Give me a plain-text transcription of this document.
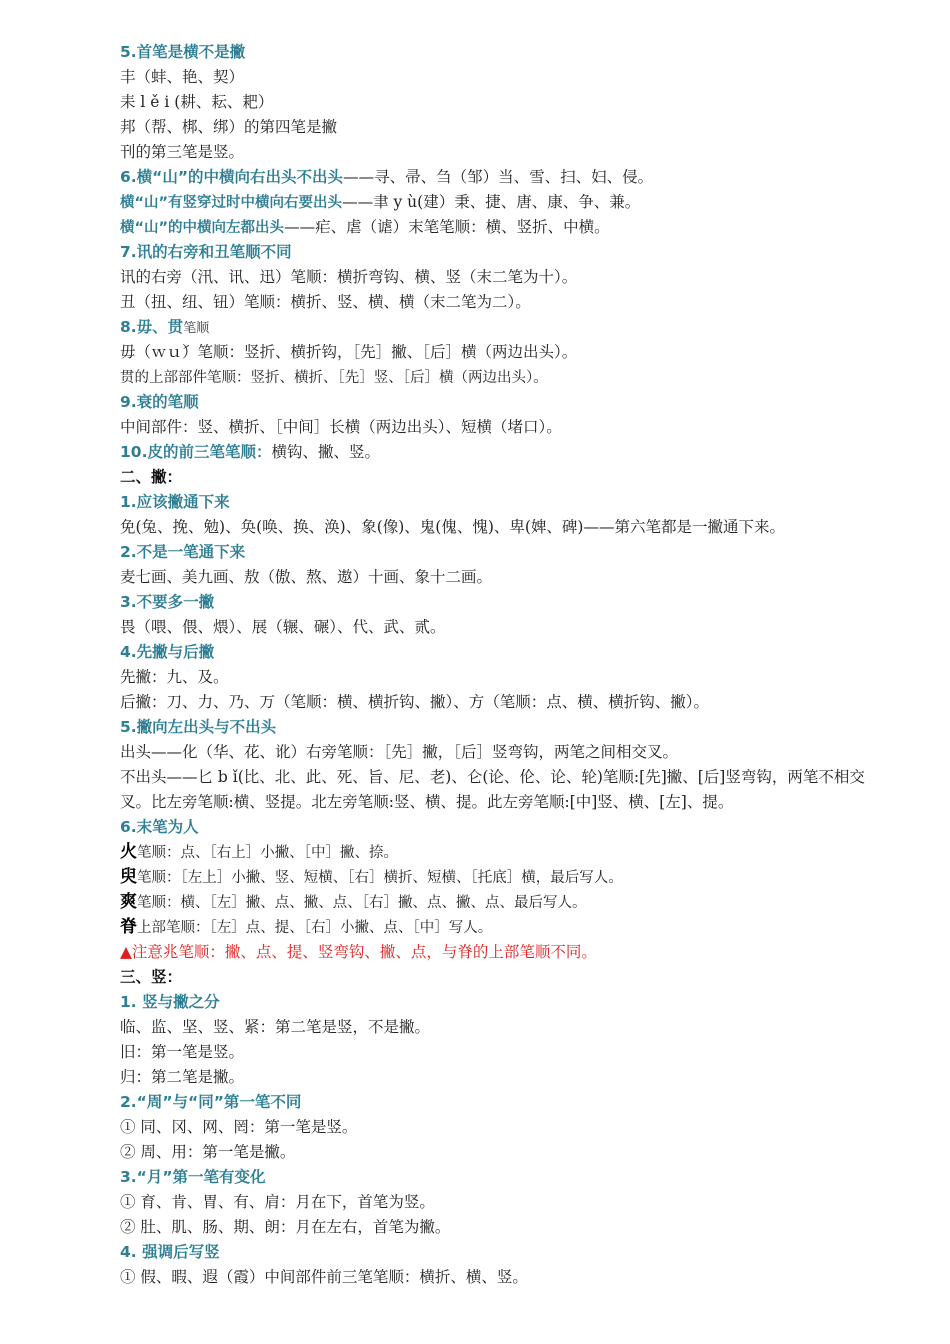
5.首笔是横不是撇
丰（蚌、艳、契）
耒 l ě i (耕、耘、耙）
邦（帮、梆、绑）的第四笔是撇
刊的第三笔是竖。
6.横“山”的中横向右出头不出头——寻、帚、刍（邹）当、雪、扫、妇、侵。
横“山”有竖穿过时中横向右要出头——聿 y ù(建）秉、捷、唐、康、争、兼。
横“山”的中横向左都出头——疟、虐（谑）末笔笔顺：横、竖折、中横。
7.讯的右旁和丑笔顺不同
讯的右旁（汛、讯、迅）笔顺：横折弯钩、横、竖（末二笔为十）。
丑（扭、纽、钮）笔顺：横折、竖、横、横（末二笔为二）。
8.毋、贯笔顺
毋（ｗｕ́）笔顺：竖折、横折钩，［先］撇、［后］横（两边出头）。
贯的上部部件笔顺：竖折、横折、［先］竖、［后］横（两边出头）。
9.衰的笔顺
中间部件：竖、横折、［中间］长横（两边出头）、短横（堵口）。
10.皮的前三笔笔顺：横钩、撇、竖。
二、撇：
1.应该撇通下来
免(兔、挽、勉)、奂(唤、换、涣)、象(像)、鬼(傀、愧)、卑(婢、碑)——第六笔都是一撇通下来。
2.不是一笔通下来
麦七画、美九画、敖（傲、熬、遨）十画、象十二画。
3.不要多一撇
畏（喂、偎、煨）、展（辗、碾）、代、武、贰。
4.先撇与后撇
先撇：九、及。
后撇：刀、力、乃、万（笔顺：横、横折钩、撇）、方（笔顺：点、横、横折钩、撇）。
5.撇向左出头与不出头
出头——化（华、花、讹）右旁笔顺：［先］撇，［后］竖弯钩，两笔之间相交叉。
不出头——匕 b ǐ(比、北、此、死、旨、尼、老)、仑(论、伦、论、轮)笔顺:[先]撇、[后]竖弯钩，两笔不相交叉。比左旁笔顺:横、竖提。北左旁笔顺:竖、横、提。此左旁笔顺:[中]竖、横、[左]、提。
6.末笔为人
火笔顺：点、［右上］小撇、［中］撇、捺。
臾笔顺：［左上］小撇、竖、短横、［右］横折、短横、［托底］横，最后写人。
爽笔顺：横、［左］撇、点、撇、点、［右］撇、点、撇、点、最后写人。
脊上部笔顺：［左］点、提、［右］小撇、点、［中］写人。
▲注意兆笔顺：撇、点、提、竖弯钩、撇、点，与脊的上部笔顺不同。
三、竖：
1. 竖与撇之分
临、监、坚、竖、紧：第二笔是竖，不是撇。
旧：第一笔是竖。
归：第二笔是撇。
2.“周”与“同”第一笔不同
① 同、冈、网、罔：第一笔是竖。
② 周、用：第一笔是撇。
3.“月”第一笔有变化
① 育、肯、胃、有、肩：月在下，首笔为竖。
② 肚、肌、肠、期、朗：月在左右，首笔为撇。
4. 强调后写竖
① 假、暇、遐（霞）中间部件前三笔笔顺：横折、横、竖。
